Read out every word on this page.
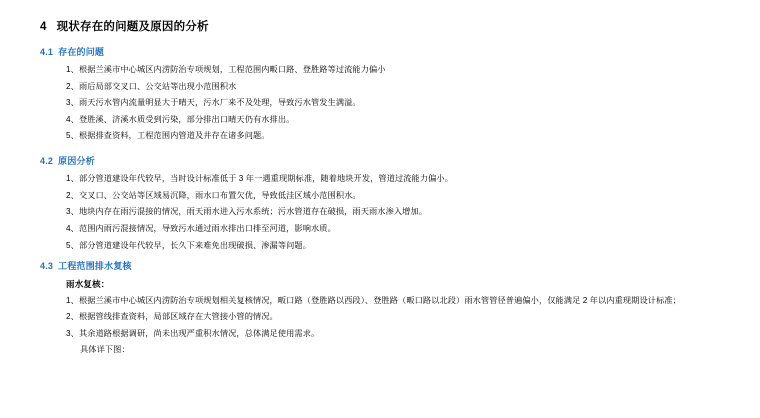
4 现状存在的问题及原因的分析
4.1 存在的问题

1、根据兰溪市中心城区内涝防治专项规划，工程范围内畈口路、登胜路等过流能力偏小

2、雨后局部交叉口、公交站等出现小范围积水

3、雨天污水管内流量明显大于晴天，污水厂来不及处理，导致污水管发生满溢。

4、登胜溪、济溪水质受到污染，部分排出口晴天仍有水排出。

5、根据排查资料，工程范围内管道及井存在诸多问题。

4.2 原因分析

1、部分管道建设年代较早，当时设计标准低于 3 年一遇重现期标准，随着地块开发，管道过流能力偏小。

2、交叉口、公交站等区域易沉降，雨水口布置欠优，导致低洼区域小范围积水。

3、地块内存在雨污混接的情况，雨天雨水进入污水系统；污水管道存在破损，雨天雨水渗入增加。

4、范围内雨污混接情况，导致污水通过雨水排出口排至河道，影响水质。

5、部分管道建设年代较早，长久下来难免出现破损、渗漏等问题。

4.3 工程范围排水复核
雨水复核：

1、根据兰溪市中心城区内涝防治专项规划相关复核情况，畈口路（登胜路以西段）、登胜路（畈口路以北段）雨水管管径普遍偏小，仅能满足 2 年以内重现期设计标准；

2、根据管线排查资料，局部区域存在大管接小管的情况。

3、其余道路根据调研，尚未出现严重积水情况，总体满足使用需求。

具体详下图：
